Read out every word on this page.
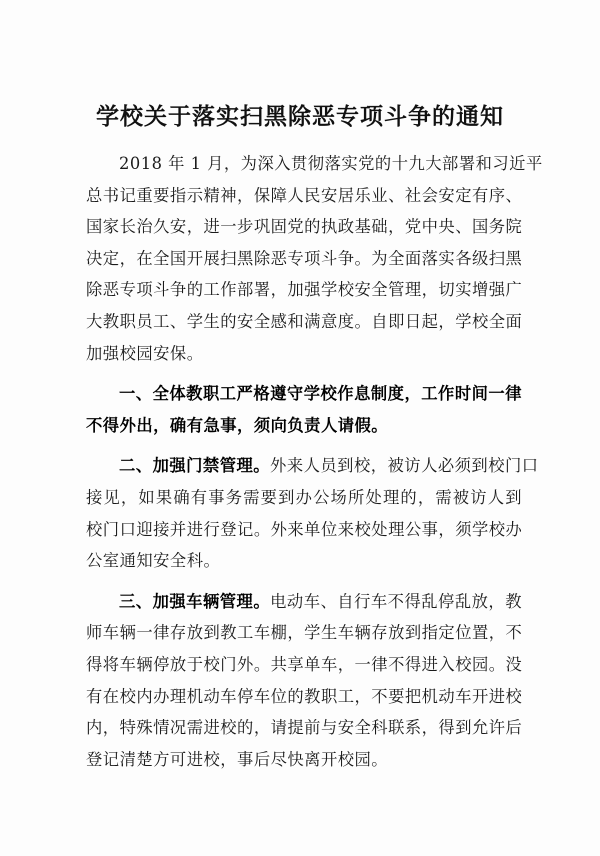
学校关于落实扫黑除恶专项斗争的通知
2018 年 1 月，为深入贯彻落实党的十九大部署和习近平
总书记重要指示精神，保障人民安居乐业、社会安定有序、
国家长治久安，进一步巩固党的执政基础，党中央、国务院
决定，在全国开展扫黑除恶专项斗争。为全面落实各级扫黑
除恶专项斗争的工作部署，加强学校安全管理，切实增强广
大教职员工、学生的安全感和满意度。自即日起，学校全面
加强校园安保。
一、全体教职工严格遵守学校作息制度，工作时间一律
不得外出，确有急事，须向负责人请假。
二、加强门禁管理。外来人员到校，被访人必须到校门口
接见，如果确有事务需要到办公场所处理的，需被访人到
校门口迎接并进行登记。外来单位来校处理公事，须学校办
公室通知安全科。
三、加强车辆管理。电动车、自行车不得乱停乱放，教
师车辆一律存放到教工车棚，学生车辆存放到指定位置，不
得将车辆停放于校门外。共享单车，一律不得进入校园。没
有在校内办理机动车停车位的教职工，不要把机动车开进校
内，特殊情况需进校的，请提前与安全科联系，得到允许后
登记清楚方可进校，事后尽快离开校园。
